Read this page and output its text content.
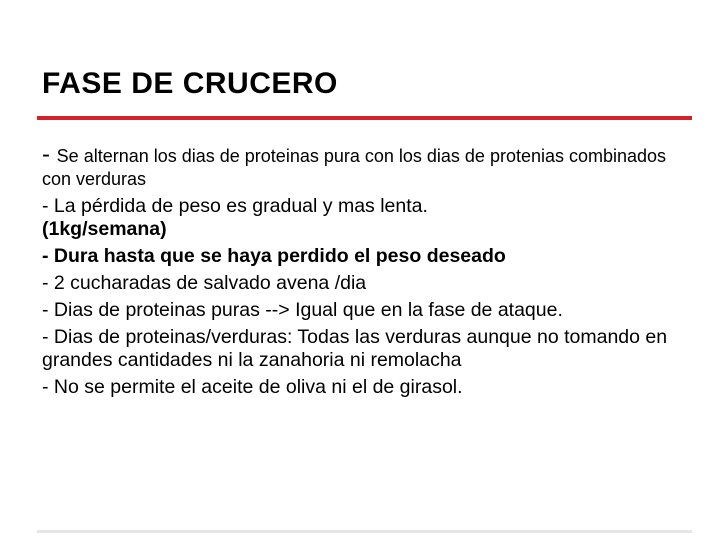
FASE DE CRUCERO

- Se alternan los dias de proteinas pura con los dias de protenias combinados con verduras

- La pérdida de peso es gradual y mas lenta.
(1kg/semana)

- Dura hasta que se haya perdido el peso deseado

- 2 cucharadas de salvado avena /dia

- Dias de proteinas puras --> Igual que en la fase de ataque.

- Dias de proteinas/verduras: Todas las verduras aunque no tomando en grandes cantidades ni la zanahoria ni remolacha

- No se permite el aceite de oliva ni el de girasol.
